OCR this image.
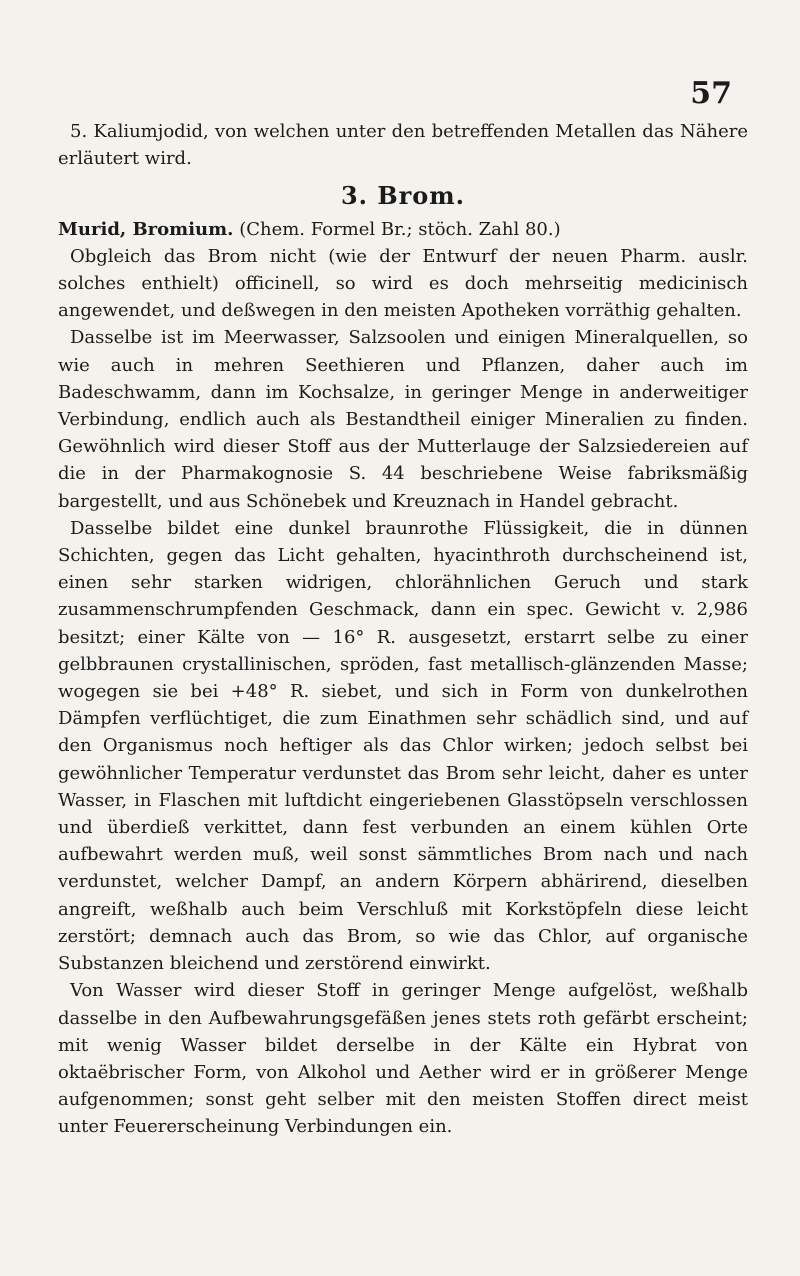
57

5. Kaliumjodid, von welchen unter den betreffenden Metallen das Nähere erläutert wird.

3. Brom.

Murid, Bromium. (Chem. Formel Br.; stöch. Zahl 80.)

Obgleich das Brom nicht (wie der Entwurf der neuen Pharm. auslr. solches enthielt) officinell, so wird es doch mehrseitig medicinisch angewendet, und deßwegen in den meisten Apotheken vorräthig gehalten.

Dasselbe ist im Meerwasser, Salzsoolen und einigen Mineralquellen, so wie auch in mehren Seethieren und Pflanzen, daher auch im Badeschwamm, dann im Kochsalze, in geringer Menge in anderweitiger Verbindung, endlich auch als Bestandtheil einiger Mineralien zu finden. Gewöhnlich wird dieser Stoff aus der Mutterlauge der Salzsiedereien auf die in der Pharmakognosie S. 44 beschriebene Weise fabriksmäßig bargestellt, und aus Schönebek und Kreuznach in Handel gebracht.

Dasselbe bildet eine dunkel braunrothe Flüssigkeit, die in dünnen Schichten, gegen das Licht gehalten, hyacinthroth durchscheinend ist, einen sehr starken widrigen, chlorähnlichen Geruch und stark zusammenschrumpfenden Geschmack, dann ein spec. Gewicht v. 2,986 besitzt; einer Kälte von — 16° R. ausgesetzt, erstarrt selbe zu einer gelbbraunen crystallinischen, spröden, fast metallisch-glänzenden Masse; wogegen sie bei +48° R. siebet, und sich in Form von dunkelrothen Dämpfen verflüchtiget, die zum Einathmen sehr schädlich sind, und auf den Organismus noch heftiger als das Chlor wirken; jedoch selbst bei gewöhnlicher Temperatur verdunstet das Brom sehr leicht, daher es unter Wasser, in Flaschen mit luftdicht eingeriebenen Glasstöpseln verschlossen und überdieß verkittet, dann fest verbunden an einem kühlen Orte aufbewahrt werden muß, weil sonst sämmtliches Brom nach und nach verdunstet, welcher Dampf, an andern Körpern abhärirend, dieselben angreift, weßhalb auch beim Verschluß mit Korkstöpfeln diese leicht zerstört; demnach auch das Brom, so wie das Chlor, auf organische Substanzen bleichend und zerstörend einwirkt.

Von Wasser wird dieser Stoff in geringer Menge aufgelöst, weßhalb dasselbe in den Aufbewahrungsgefäßen jenes stets roth gefärbt erscheint; mit wenig Wasser bildet derselbe in der Kälte ein Hybrat von oktaëbrischer Form, von Alkohol und Aether wird er in größerer Menge aufgenommen; sonst geht selber mit den meisten Stoffen direct meist unter Feuererscheinung Verbindungen ein.
